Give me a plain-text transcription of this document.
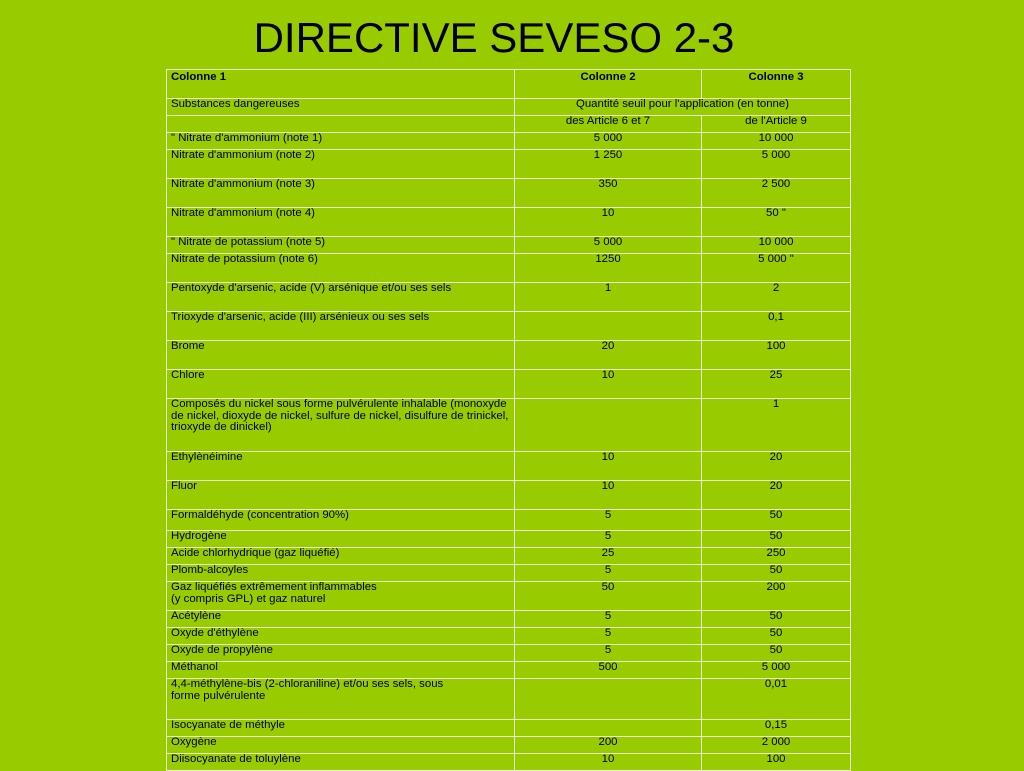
DIRECTIVE SEVESO 2-3
Colonne 1	Colonne 2	Colonne 3
Substances dangereuses	Quantité seuil pour l'application (en tonne)	
	des Article 6 et 7	de l'Article 9
" Nitrate d'ammonium (note 1)	5 000	10 000
Nitrate d'ammonium (note 2)	1 250	5 000
Nitrate d'ammonium (note 3)	350	2 500
Nitrate d'ammonium (note 4)	10	50 "
" Nitrate de potassium (note 5)	5 000	10 000
Nitrate de potassium (note 6)	1250	5 000 "
Pentoxyde d'arsenic, acide (V) arsénique et/ou ses sels	1	2
Trioxyde d'arsenic, acide (III) arsénieux ou ses sels		0,1
Brome	20	100
Chlore	10	25
Composés du nickel sous forme pulvérulente inhalable (monoxyde de nickel, dioxyde de nickel, sulfure de nickel, disulfure de trinickel, trioxyde de dinickel)		1
Ethylènéimine	10	20
Fluor	10	20
Formaldéhyde (concentration 90%)	5	50
Hydrogène	5	50
Acide chlorhydrique (gaz liquéfié)	25	250
Plomb-alcoyles	5	50
Gaz liquéfiés extrêmement inflammables
(y compris GPL) et gaz naturel	50	200
Acétylène	5	50
Oxyde d'éthylène	5	50
Oxyde de propylène	5	50
Méthanol	500	5 000
4,4-méthylène-bis (2-chloraniline) et/ou ses sels, sous
forme pulvérulente		0,01
Isocyanate de méthyle		0,15
Oxygène	200	2 000
Diisocyanate de toluylène	10	100
